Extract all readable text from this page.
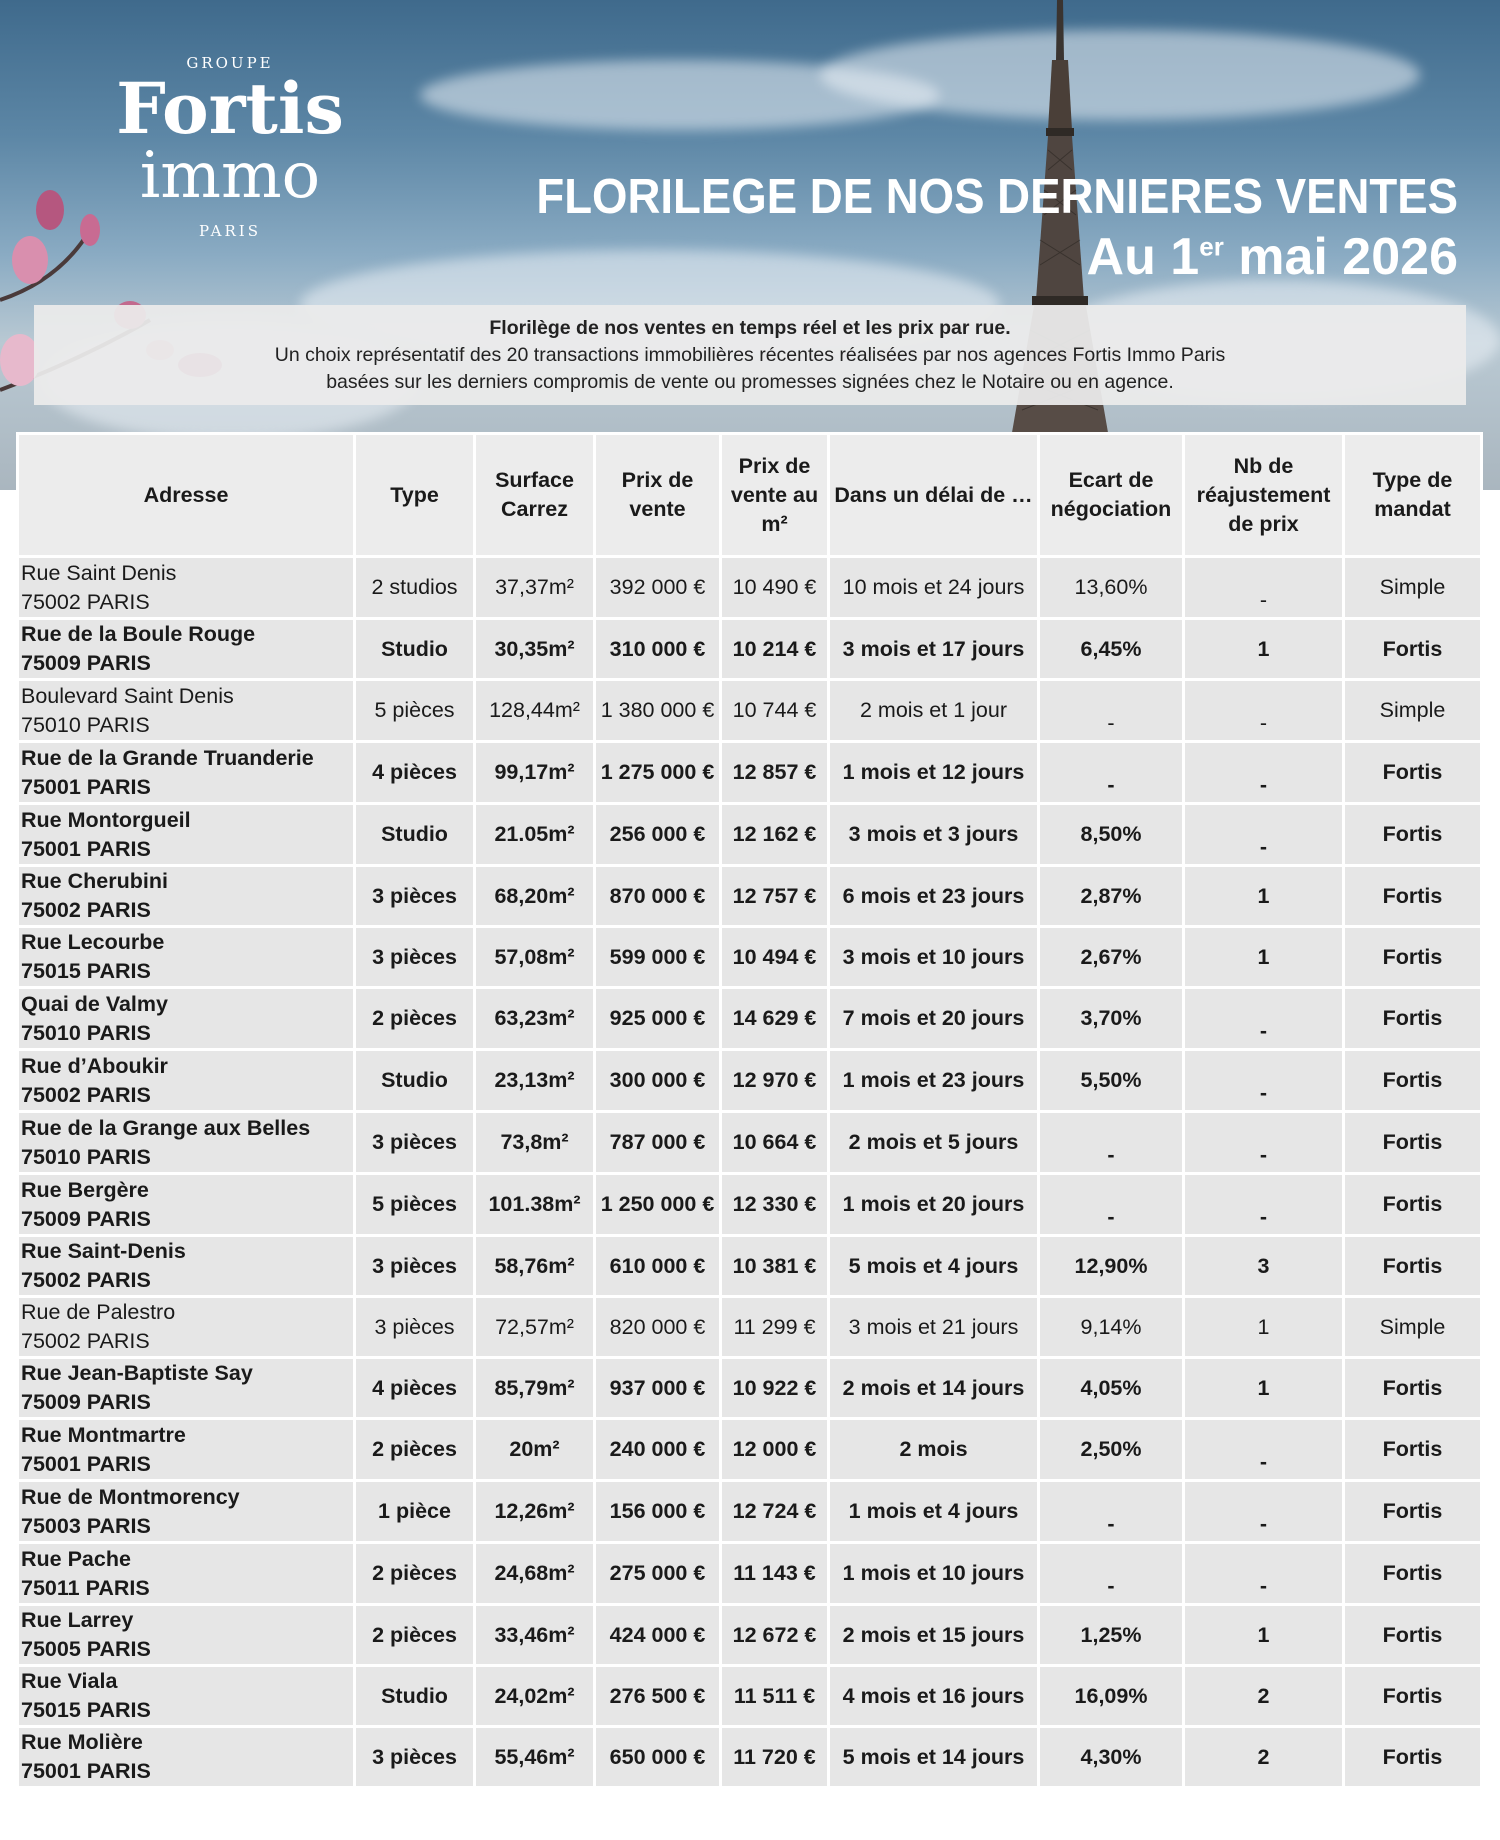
GROUPE
Fortis
immo
PARIS
FLORILEGE DE NOS DERNIERES VENTES
Au 1er mai 2026
Florilège de nos ventes en temps réel et les prix par rue.
Un choix représentatif des 20 transactions immobilières récentes réalisées par nos agences Fortis Immo Paris
basées sur les derniers compromis de vente ou promesses signées chez le Notaire ou en agence.
Adresse	Type	Surface Carrez	Prix de vente	Prix de vente au m²	Dans un délai de …	Ecart de négociation	Nb de réajustement de prix	Type de mandat

Rue Saint Denis
75002 PARIS	2 studios	37,37m²	392 000 €	10 490 €	10 mois et 24 jours	13,60%	-	Simple

Rue de la Boule Rouge
75009 PARIS	Studio	30,35m²	310 000 €	10 214 €	3 mois et 17 jours	6,45%	1	Fortis

Boulevard Saint Denis
75010 PARIS	5 pièces	128,44m²	1 380 000 €	10 744 €	2 mois et 1 jour	-	-	Simple

Rue de la Grande Truanderie
75001 PARIS	4 pièces	99,17m²	1 275 000 €	12 857 €	1 mois et 12 jours	-	-	Fortis

Rue Montorgueil
75001 PARIS	Studio	21.05m²	256 000 €	12 162 €	3 mois et 3 jours	8,50%	-	Fortis

Rue Cherubini
75002 PARIS	3 pièces	68,20m²	870 000 €	12 757 €	6 mois et 23 jours	2,87%	1	Fortis

Rue Lecourbe
75015 PARIS	3 pièces	57,08m²	599 000 €	10 494 €	3 mois et 10 jours	2,67%	1	Fortis

Quai de Valmy
75010 PARIS	2 pièces	63,23m²	925 000 €	14 629 €	7 mois et 20 jours	3,70%	-	Fortis

Rue d’Aboukir
75002 PARIS	Studio	23,13m²	300 000 €	12 970 €	1 mois et 23 jours	5,50%	-	Fortis

Rue de la Grange aux Belles
75010 PARIS	3 pièces	73,8m²	787 000 €	10 664 €	2 mois et 5 jours	-	-	Fortis

Rue Bergère
75009 PARIS	5 pièces	101.38m²	1 250 000 €	12 330 €	1 mois et 20 jours	-	-	Fortis

Rue Saint-Denis
75002 PARIS	3 pièces	58,76m²	610 000 €	10 381 €	5 mois et 4 jours	12,90%	3	Fortis

Rue de Palestro
75002 PARIS	3 pièces	72,57m²	820 000 €	11 299 €	3 mois et 21 jours	9,14%	1	Simple

Rue Jean-Baptiste Say
75009 PARIS	4 pièces	85,79m²	937 000 €	10 922 €	2 mois et 14 jours	4,05%	1	Fortis

Rue Montmartre
75001 PARIS	2 pièces	20m²	240 000 €	12 000 €	2 mois	2,50%	-	Fortis

Rue de Montmorency
75003 PARIS	1 pièce	12,26m²	156 000 €	12 724 €	1 mois et 4 jours	-	-	Fortis

Rue Pache
75011 PARIS	2 pièces	24,68m²	275 000 €	11 143 €	1 mois et 10 jours	-	-	Fortis

Rue Larrey
75005 PARIS	2 pièces	33,46m²	424 000 €	12 672 €	2 mois et 15 jours	1,25%	1	Fortis

Rue Viala
75015 PARIS	Studio	24,02m²	276 500 €	11 511 €	4 mois et 16 jours	16,09%	2	Fortis

Rue Molière
75001 PARIS	3 pièces	55,46m²	650 000 €	11 720 €	5 mois et 14 jours	4,30%	2	Fortis
